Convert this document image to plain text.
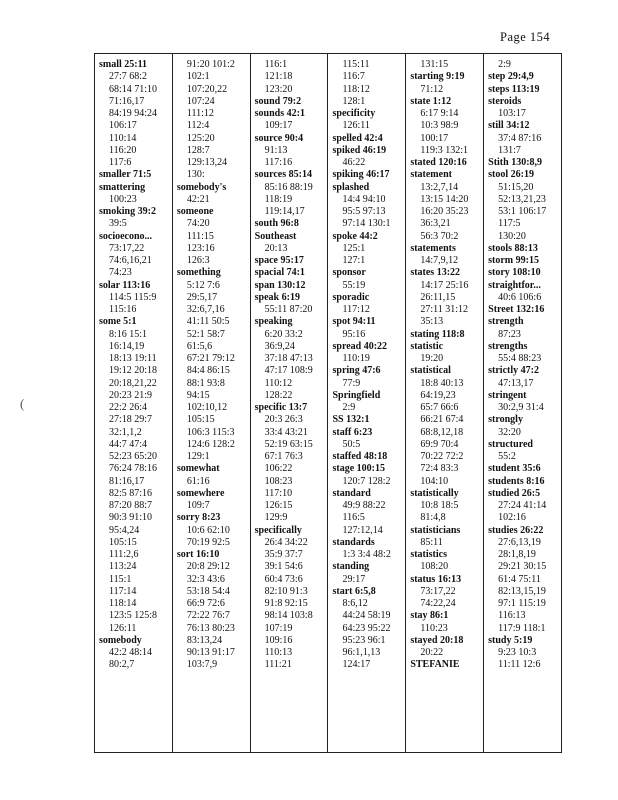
Page 154
(
small 25:11
27:7 68:2
68:14 71:10
71:16,17
84:19 94:24
106:17
110:14
116:20
117:6
smaller 71:5
smattering
100:23
smoking 39:2
39:5
socioecono...
73:17,22
74:6,16,21
74:23
solar 113:16
114:5 115:9
115:16
some 5:1
8:16 15:1
16:14,19
18:13 19:11
19:12 20:18
20:18,21,22
20:23 21:9
22:2 26:4
27:18 29:7
32:1,1,2
44:7 47:4
52:23 65:20
76:24 78:16
81:16,17
82:5 87:16
87:20 88:7
90:3 91:10
95:4,24
105:15
111:2,6
113:24
115:1
117:14
118:14
123:5 125:8
126:11
somebody
42:2 48:14
80:2,7
91:20 101:2
102:1
107:20,22
107:24
111:12
112:4
125:20
128:7
129:13,24
130:
somebody's
42:21
someone
74:20
111:15
123:16
126:3
something
5:12 7:6
29:5,17
32:6,7,16
41:11 50:5
52:1 58:7
61:5,6
67:21 79:12
84:4 86:15
88:1 93:8
94:15
102:10,12
105:15
106:3 115:3
124:6 128:2
129:1
somewhat
61:16
somewhere
109:7
sorry 8:23
10:6 62:10
70:19 92:5
sort 16:10
20:8 29:12
32:3 43:6
53:18 54:4
66:9 72:6
72:22 76:7
76:13 80:23
83:13,24
90:13 91:17
103:7,9
116:1
121:18
123:20
sound 79:2
sounds 42:1
109:17
source 90:4
91:13
117:16
sources 85:14
85:16 88:19
118:19
119:14,17
south 96:8
Southeast
20:13
space 95:17
spacial 74:1
span 130:12
speak 6:19
55:11 87:20
speaking
6:20 33:2
36:9,24
37:18 47:13
47:17 108:9
110:12
128:22
specific 13:7
20:3 26:3
33:4 43:21
52:19 63:15
67:1 76:3
106:22
108:23
117:10
126:15
129:9
specifically
26:4 34:22
35:9 37:7
39:1 54:6
60:4 73:6
82:10 91:3
91:8 92:15
98:14 103:8
107:19
109:16
110:13
111:21
115:11
116:7
118:12
128:1
specificity
126:11
spelled 42:4
spiked 46:19
46:22
spiking 46:17
splashed
14:4 94:10
95:5 97:13
97:14 130:1
spoke 44:2
125:1
127:1
sponsor
55:19
sporadic
117:12
spot 94:11
95:16
spread 40:22
110:19
spring 47:6
77:9
Springfield
2:9
SS 132:1
staff 6:23
50:5
staffed 48:18
stage 100:15
120:7 128:2
standard
49:9 88:22
116:5
127:12,14
standards
1:3 3:4 48:2
standing
29:17
start 6:5,8
8:6,12
44:24 58:19
64:23 95:22
95:23 96:1
96:1,1,13
124:17
131:15
starting 9:19
71:12
state 1:12
6:17 9:14
10:3 98:9
100:17
119:3 132:1
stated 120:16
statement
13:2,7,14
13:15 14:20
16:20 35:23
36:3,21
56:3 70:2
statements
14:7,9,12
states 13:22
14:17 25:16
26:11,15
27:11 31:12
35:13
stating 118:8
statistic
19:20
statistical
18:8 40:13
64:19,23
65:7 66:6
66:21 67:4
68:8,12,18
69:9 70:4
70:22 72:2
72:4 83:3
104:10
statistically
10:8 18:5
81:4,8
statisticians
85:11
statistics
108:20
status 16:13
73:17,22
74:22,24
stay 86:1
110:23
stayed 20:18
20:22
STEFANIE
2:9
step 29:4,9
steps 113:19
steroids
103:17
still 34:12
37:4 87:16
131:7
Stith 130:8,9
stool 26:19
51:15,20
52:13,21,23
53:1 106:17
117:5
130:20
stools 88:13
storm 99:15
story 108:10
straightfor...
40:6 106:6
Street 132:16
strength
87:23
strengths
55:4 88:23
strictly 47:2
47:13,17
stringent
30:2,9 31:4
strongly
32:20
structured
55:2
student 35:6
students 8:16
studied 26:5
27:24 41:14
102:16
studies 26:22
27:6,13,19
28:1,8,19
29:21 30:15
61:4 75:11
82:13,15,19
97:1 115:19
116:13
117:9 118:1
study 5:19
9:23 10:3
11:11 12:6
